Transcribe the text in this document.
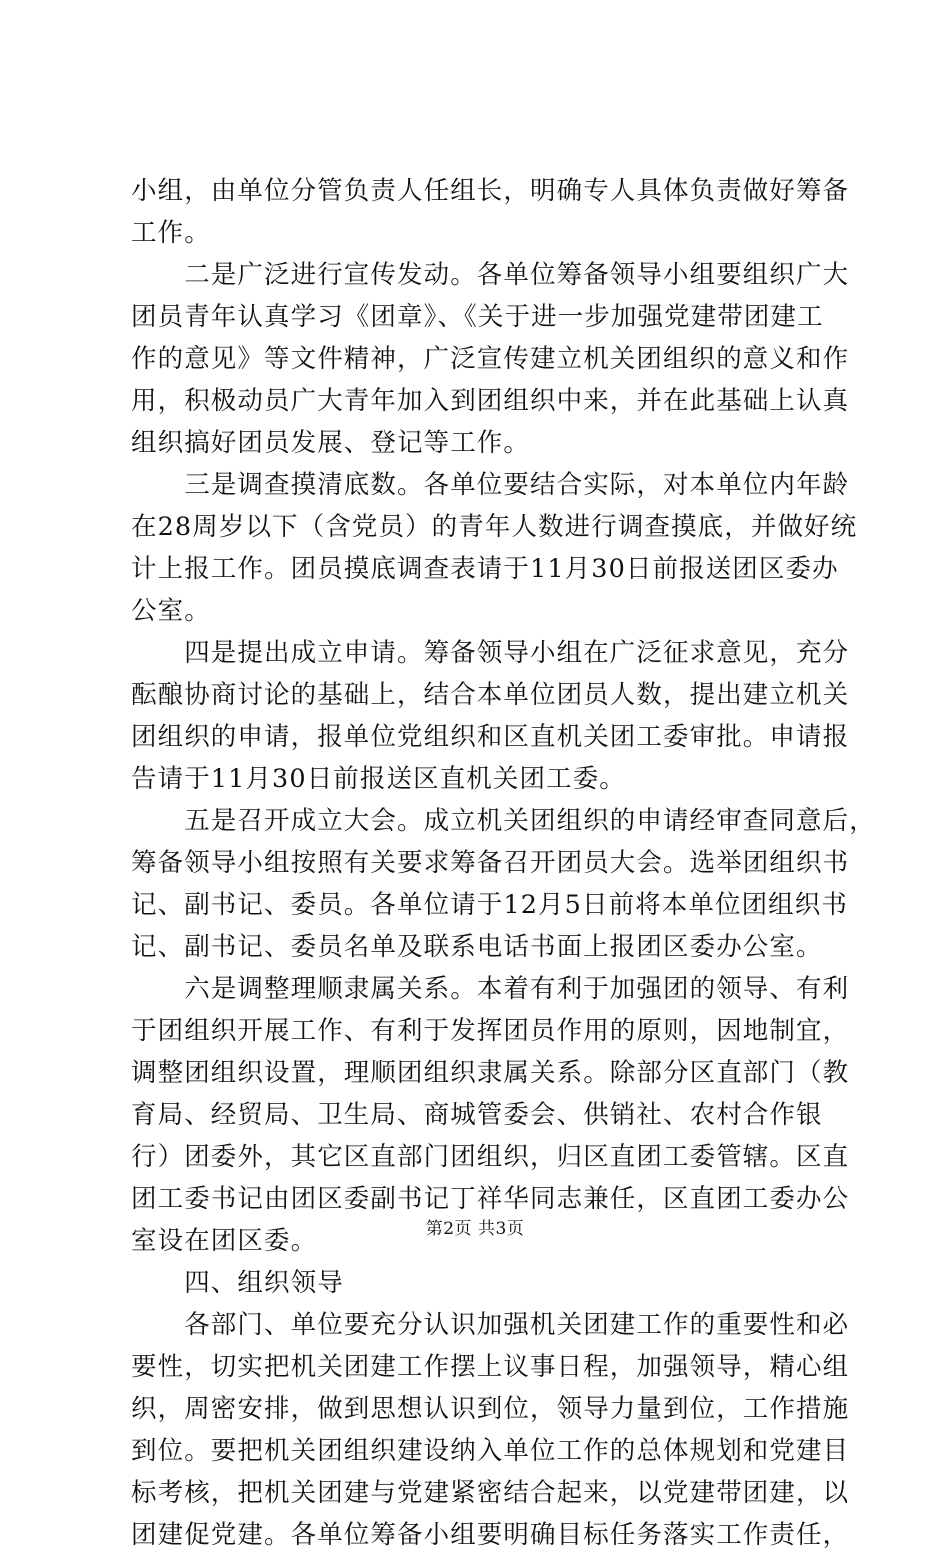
小组，由单位分管负责人任组长，明确专人具体负责做好筹备
工作。
　　二是广泛进行宣传发动。各单位筹备领导小组要组织广大
团员青年认真学习《团章》、《关于进一步加强党建带团建工
作的意见》等文件精神，广泛宣传建立机关团组织的意义和作
用，积极动员广大青年加入到团组织中来，并在此基础上认真
组织搞好团员发展、登记等工作。
　　三是调查摸清底数。各单位要结合实际，对本单位内年龄
在28周岁以下（含党员）的青年人数进行调查摸底，并做好统
计上报工作。团员摸底调查表请于11月30日前报送团区委办
公室。
　　四是提出成立申请。筹备领导小组在广泛征求意见，充分
酝酿协商讨论的基础上，结合本单位团员人数，提出建立机关
团组织的申请，报单位党组织和区直机关团工委审批。申请报
告请于11月30日前报送区直机关团工委。
　　五是召开成立大会。成立机关团组织的申请经审查同意后，
筹备领导小组按照有关要求筹备召开团员大会。选举团组织书
记、副书记、委员。各单位请于12月5日前将本单位团组织书
记、副书记、委员名单及联系电话书面上报团区委办公室。
　　六是调整理顺隶属关系。本着有利于加强团的领导、有利
于团组织开展工作、有利于发挥团员作用的原则，因地制宜，
调整团组织设置，理顺团组织隶属关系。除部分区直部门（教
育局、经贸局、卫生局、商城管委会、供销社、农村合作银
行）团委外，其它区直部门团组织，归区直团工委管辖。区直
团工委书记由团区委副书记丁祥华同志兼任，区直团工委办公
室设在团区委。
　　四、组织领导
　　各部门、单位要充分认识加强机关团建工作的重要性和必
要性，切实把机关团建工作摆上议事日程，加强领导，精心组
织，周密安排，做到思想认识到位，领导力量到位，工作措施
到位。要把机关团组织建设纳入单位工作的总体规划和党建目
标考核，把机关团建与党建紧密结合起来，以党建带团建，以
团建促党建。各单位筹备小组要明确目标任务落实工作责任，
第2页 共3页
